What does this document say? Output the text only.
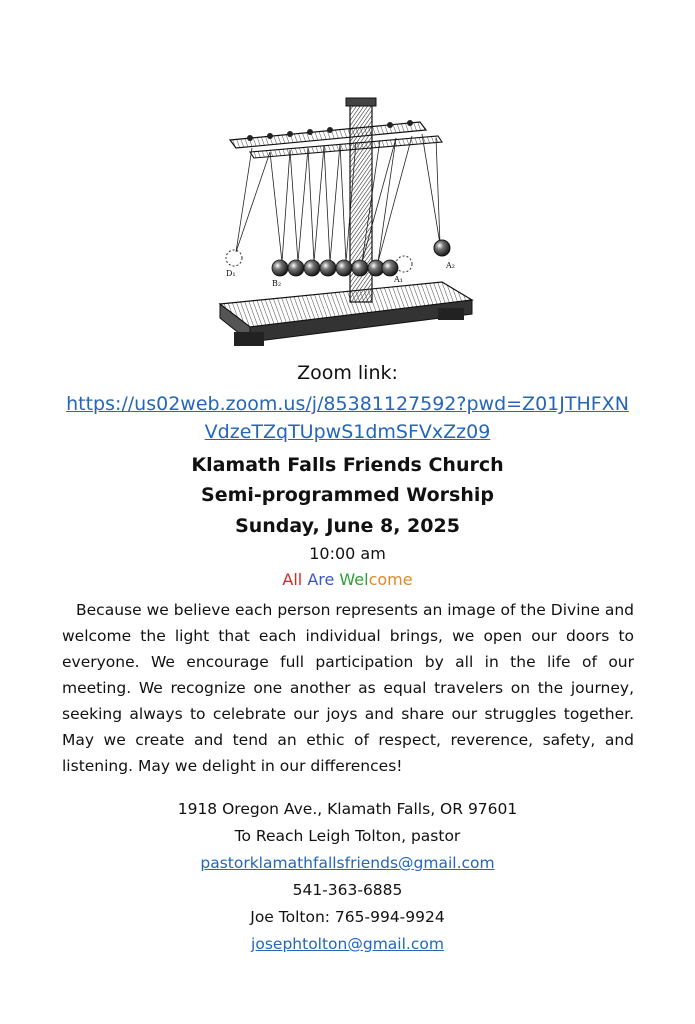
D₁
B₂	A₁
A₂
Zoom link:
https://us02web.zoom.us/j/85381127592?pwd=Z01JTHFXN
VdzeTZqTUpwS1dmSFVxZz09
Klamath Falls Friends Church
Semi-programmed Worship
Sunday, June 8, 2025
10:00 am
All Are Welcome

Because we believe each person represents an image of the Divine and welcome the light that each individual brings, we open our doors to everyone. We encourage full participation by all in the life of our meeting. We recognize one another as equal travelers on the journey, seeking always to celebrate our joys and share our struggles together. May we create and tend an ethic of respect, reverence, safety, and listening. May we delight in our differences!

1918 Oregon Ave., Klamath Falls, OR 97601
To Reach Leigh Tolton, pastor
pastorklamathfallsfriends@gmail.com
541-363-6885
Joe Tolton: 765-994-9924
josephtolton@gmail.com
